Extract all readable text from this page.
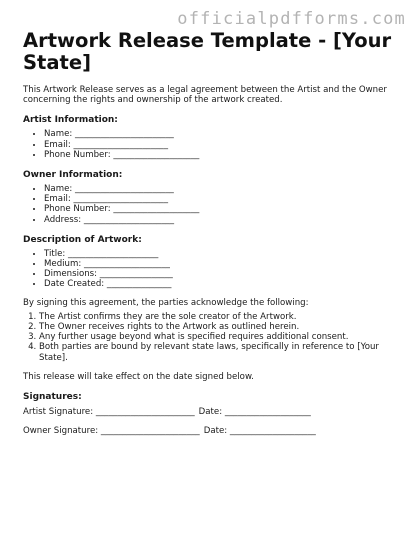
officialpdfforms.com
Artwork Release Template - [Your State]

This Artwork Release serves as a legal agreement between the Artist and the Owner concerning the rights and ownership of the artwork created.

Artist Information:
• Name: _______________________
• Email: ______________________
• Phone Number: ____________________
Owner Information:
• Name: _______________________
• Email: ______________________
• Phone Number: ____________________
• Address: _____________________
Description of Artwork:
• Title: _____________________
• Medium: ____________________
• Dimensions: _________________
• Date Created: _______________

By signing this agreement, the parties acknowledge the following:

1. The Artist confirms they are the sole creator of the Artwork.
2. The Owner receives rights to the Artwork as outlined herein.
3. Any further usage beyond what is specified requires additional consent.
4. Both parties are bound by relevant state laws, specifically in reference to [Your State].

This release will take effect on the date signed below.

Signatures:
Artist Signature: _______________________ Date: ____________________
Owner Signature: _______________________ Date: ____________________
